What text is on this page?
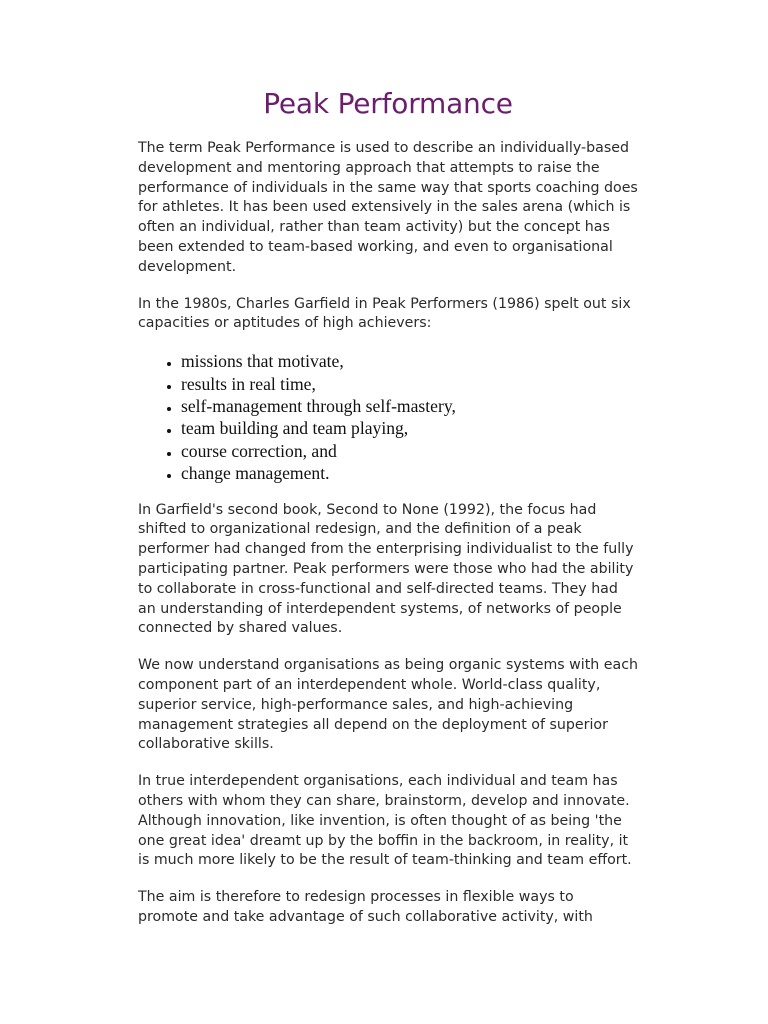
Peak Performance

The term Peak Performance is used to describe an individually-based development and mentoring approach that attempts to raise the performance of individuals in the same way that sports coaching does for athletes. It has been used extensively in the sales arena (which is often an individual, rather than team activity) but the concept has been extended to team-based working, and even to organisational development.

In the 1980s, Charles Garfield in Peak Performers (1986) spelt out six capacities or aptitudes of high achievers:

• missions that motivate,
• results in real time,
• self-management through self-mastery,
• team building and team playing,
• course correction, and
• change management.

In Garfield's second book, Second to None (1992), the focus had shifted to organizational redesign, and the definition of a peak performer had changed from the enterprising individualist to the fully participating partner. Peak performers were those who had the ability to collaborate in cross-functional and self-directed teams. They had an understanding of interdependent systems, of networks of people connected by shared values.

We now understand organisations as being organic systems with each component part of an interdependent whole. World-class quality, superior service, high-performance sales, and high-achieving management strategies all depend on the deployment of superior collaborative skills.

In true interdependent organisations, each individual and team has others with whom they can share, brainstorm, develop and innovate. Although innovation, like invention, is often thought of as being 'the one great idea' dreamt up by the boffin in the backroom, in reality, it is much more likely to be the result of team-thinking and team effort.

The aim is therefore to redesign processes in flexible ways to promote and take advantage of such collaborative activity, with
